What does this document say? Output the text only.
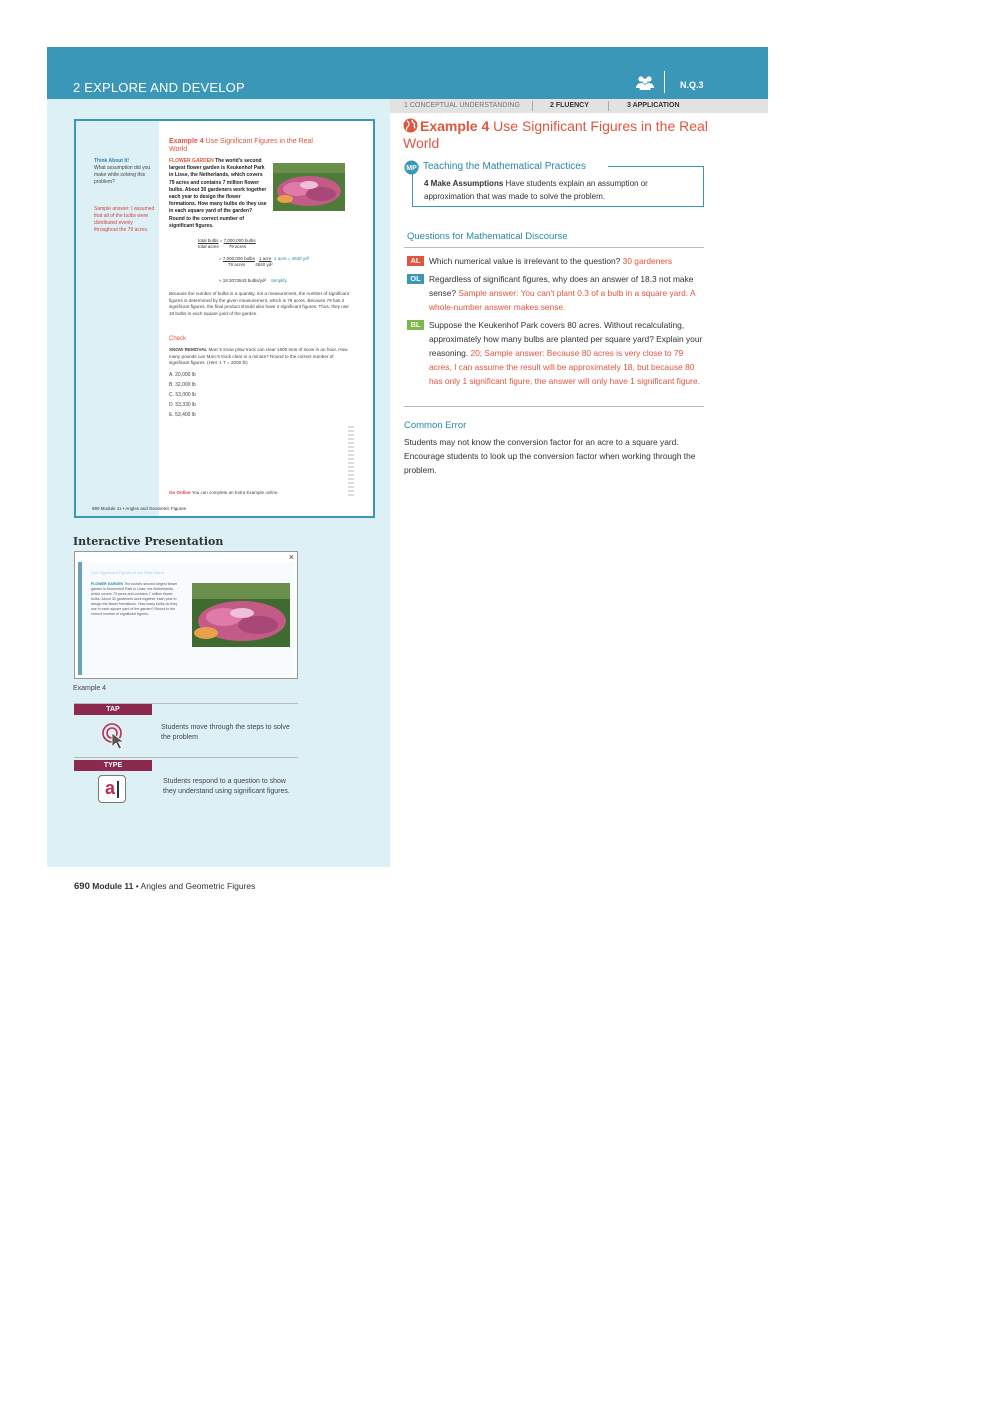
2 EXPLORE AND DEVELOP	N.Q.3
1 CONCEPTUAL UNDERSTANDING	2 FLUENCY	3 APPLICATION
Think About It!
What assumption did you make while solving this problem?
Sample answer: I assumed that all of the bulbs were distributed evenly throughout the 79 acres.
Example 4 Use Significant Figures in the Real World
FLOWER GARDEN The world's second largest flower garden is Keukenhof Park in Lisse, the Netherlands, which covers 79 acres and contains 7 million flower bulbs. About 30 gardeners work together each year to design the flower formations. How many bulbs do they use in each square yard of the garden? Round to the correct number of significant figures.
total bulbs = 7,000,000 bulbs
total acres 79 acres
= 7,000,000 bulbs · 1 acre 1 acre = 4840 yd²
79 acres 4840 yd²
≈ 18.3073543 bulbs/yd² Simplify.
Because the number of bulbs is a quantity, not a measurement, the number of significant figures is determined by the given measurement, which is 79 acres. Because 79 has 2 significant figures, the final product should also have 2 significant figures. Thus, they use 18 bulbs in each square yard of the garden.
Check
SNOW REMOVAL Marc's snow plow truck can clear 1600 tons of snow in an hour. How many pounds can Marc's truck clear in a minute? Round to the correct number of significant figures. (Hint: 1 T = 2000 lb)
A. 20,000 lb
B. 32,000 lb
C. 53,000 lb
D. 53,330 lb
E. 53,400 lb
Go Online You can complete an Extra Example online.
690 Module 11 • Angles and Geometric Figures
Interactive Presentation
×
Use Significant Figures in the Real World
FLOWER GARDEN The world's second largest flower garden is Keukenhof Park in Lisse, the Netherlands, which covers 79 acres and contains 7 million flower bulbs. About 30 gardeners work together each year to design the flower formations. How many bulbs do they use in each square yard of the garden? Round to the correct number of significant figures.
Example 4
TAP
Students move through the steps to solve the problem
TYPE
a	Students respond to a question to show they understand using significant figures.
690 Module 11 • Angles and Geometric Figures
Example 4 Use Significant Figures in the Real World
MP Teaching the Mathematical Practices
4 Make Assumptions Have students explain an assumption or approximation that was made to solve the problem.
Questions for Mathematical Discourse
AL	Which numerical value is irrelevant to the question? 30 gardeners
OL Regardless of significant figures, why does an answer of 18.3 not make sense? Sample answer: You can't plant 0.3 of a bulb in a square yard. A whole-number answer makes sense.
BL	Suppose the Keukenhof Park covers 80 acres. Without recalculating, approximately how many bulbs are planted per square yard? Explain your reasoning. 20; Sample answer: Because 80 acres is very close to 79 acres, I can assume the result will be approximately 18, but because 80 has only 1 significant figure, the answer will only have 1 significant figure.
Common Error
Students may not know the conversion factor for an acre to a square yard. Encourage students to look up the conversion factor when working through the problem.
